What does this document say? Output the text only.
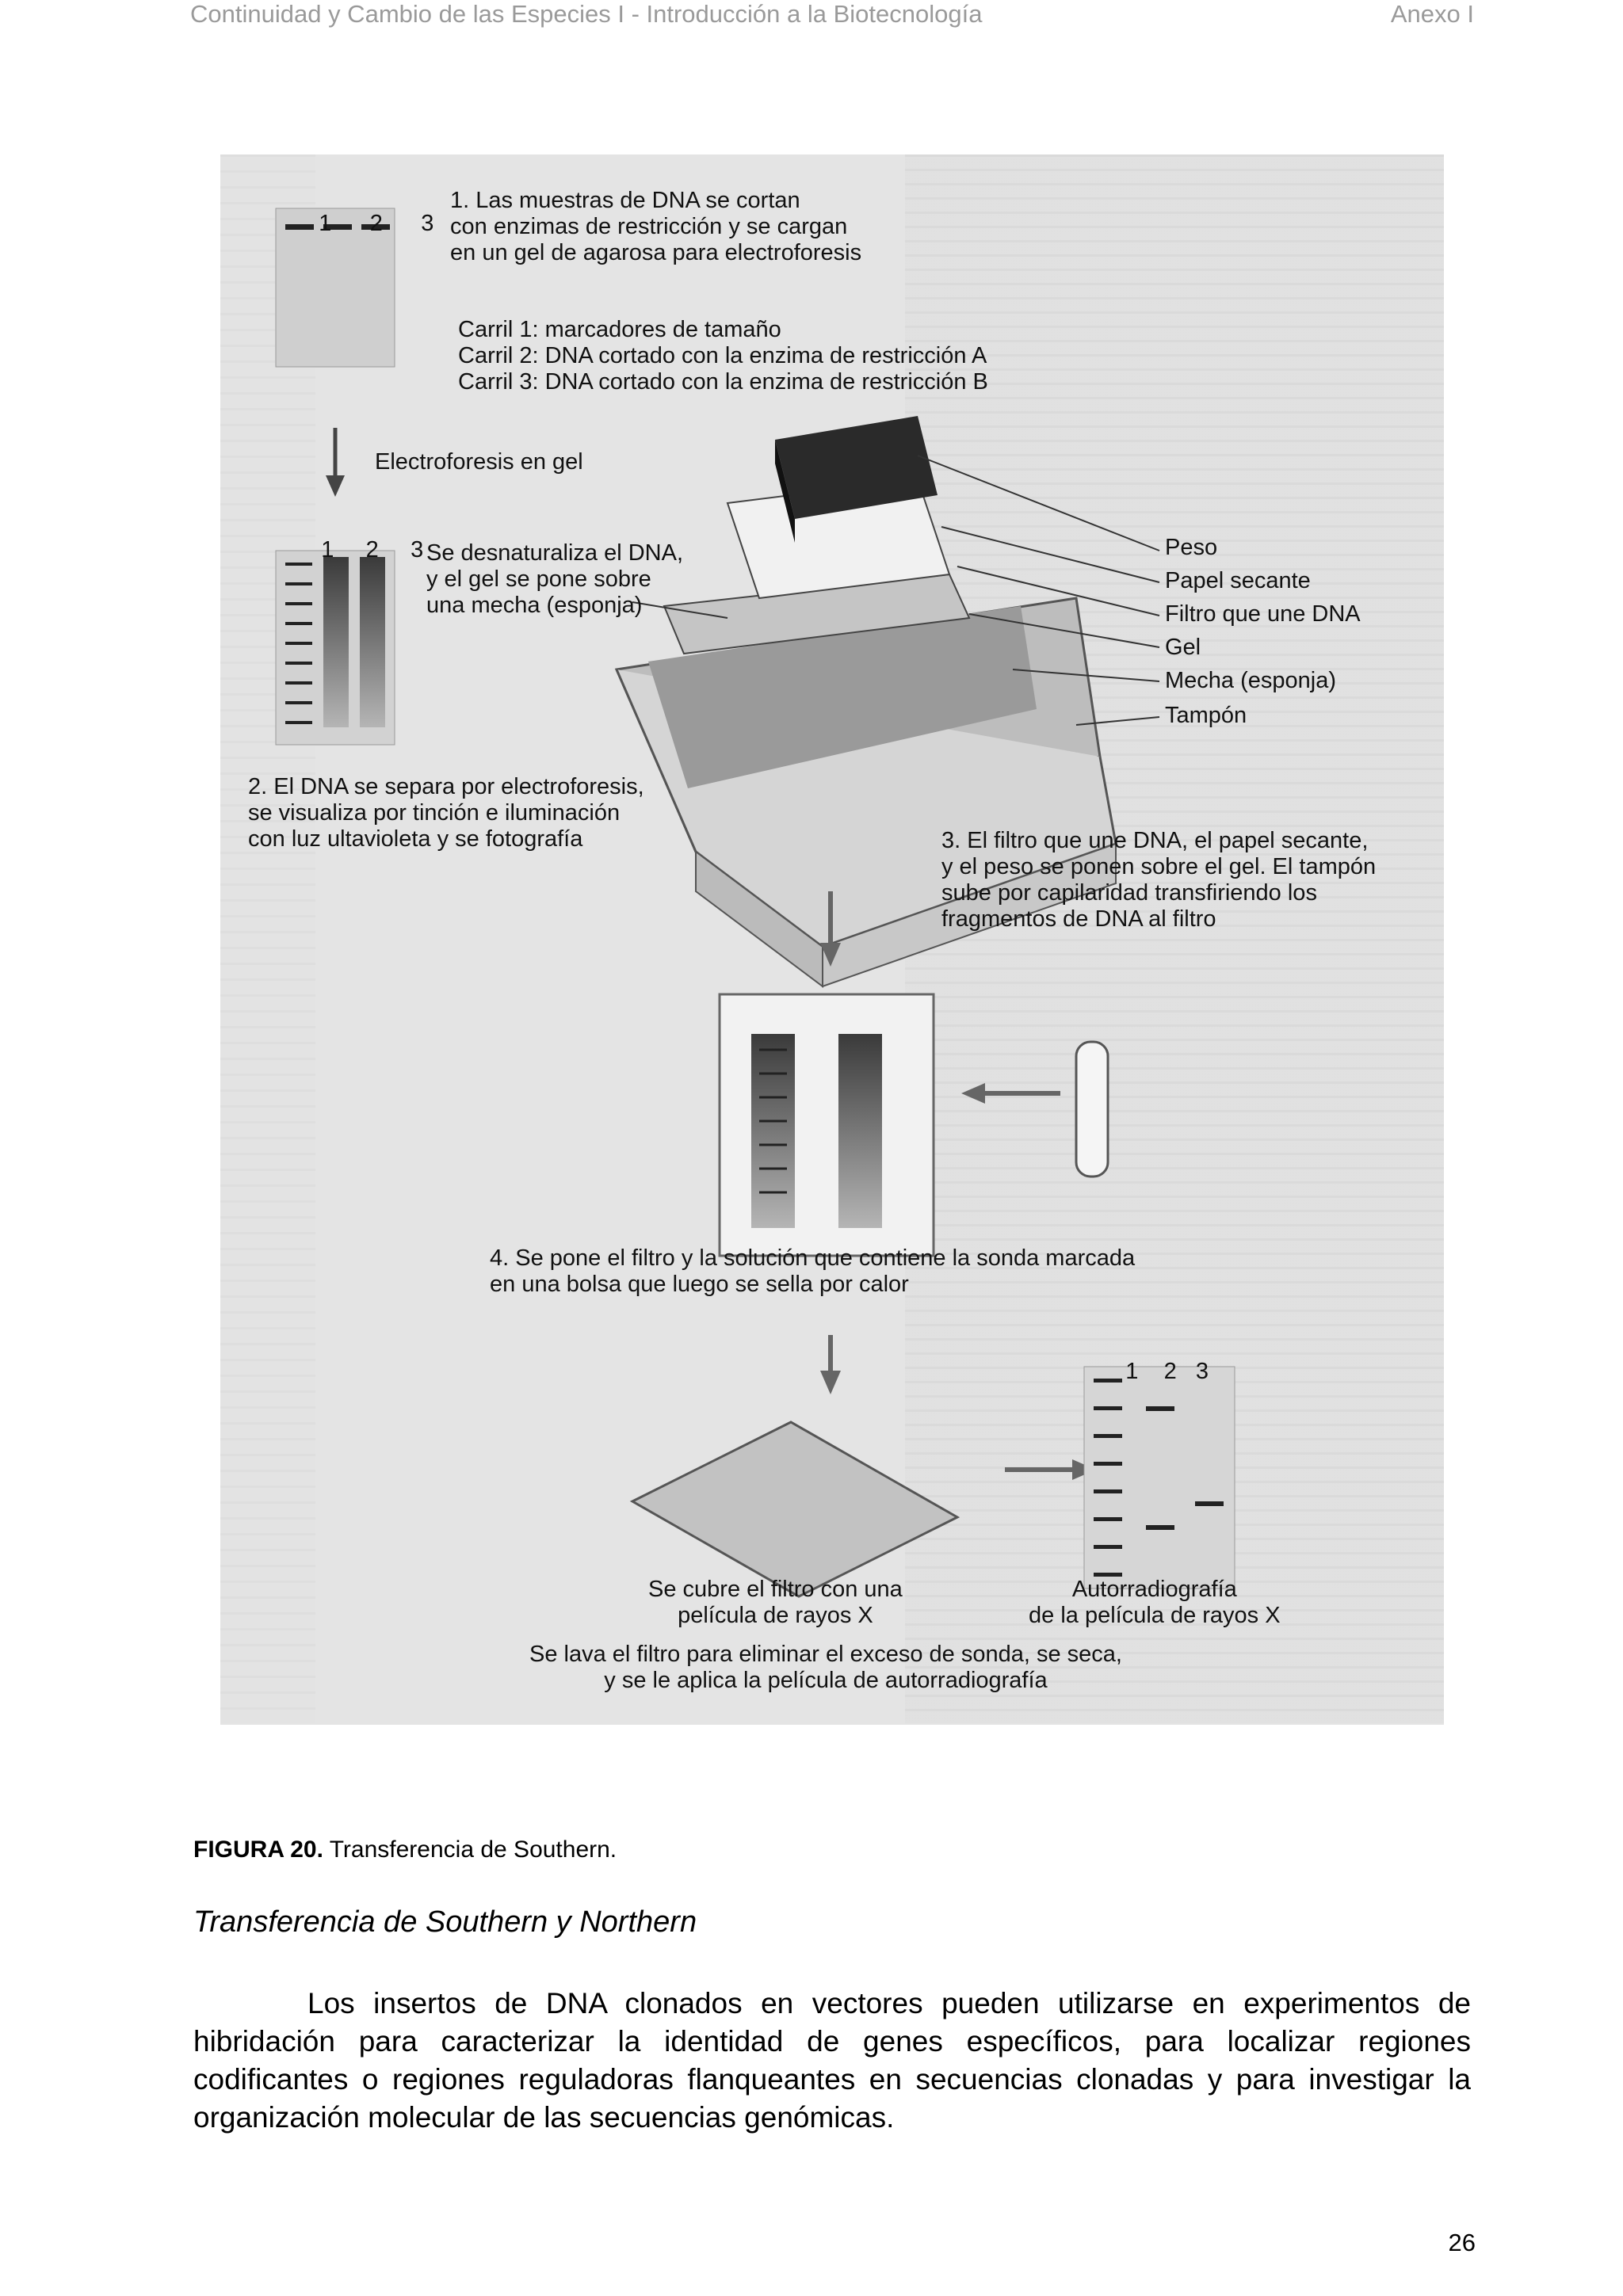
Continuidad y Cambio de las Especies I - Introducción a la Biotecnología	Anexo I

1 2 3

1. Las muestras de DNA se cortan
con enzimas de restricción y se cargan
en un gel de agarosa para electroforesis
Carril 1: marcadores de tamaño
Carril 2: DNA cortado con la enzima de restricción A
Carril 3: DNA cortado con la enzima de restricción B
Electroforesis en gel

1 2 3
Se desnaturaliza el DNA,
y el gel se pone sobre
una mecha (esponja)
Peso
Papel secante
Filtro que une DNA
Gel
Mecha (esponja)
Tampón
2. El DNA se separa por electroforesis,
se visualiza por tinción e iluminación
con luz ultavioleta y se fotografía	3. El filtro que une DNA, el papel secante,
y el peso se ponen sobre el gel. El tampón
sube por capilaridad transfiriendo los
fragmentos de DNA al filtro
4. Se pone el filtro y la solución que contiene la sonda marcada
en una bolsa que luego se sella por calor

1 2 3

Se cubre el filtro con una
película de rayos X
Autorradiografía
de la película de rayos X
Se lava el filtro para eliminar el exceso de sonda, se seca,
y se le aplica la película de autorradiografía
FIGURA 20. Transferencia de Southern.
Transferencia de Southern y Northern
Los insertos de DNA clonados en vectores pueden utilizarse en experimentos de hibridación para caracterizar la identidad de genes específicos, para localizar regiones codificantes o regiones reguladoras flanqueantes en secuencias clonadas y para investigar la organización molecular de las secuencias genómicas.
26
